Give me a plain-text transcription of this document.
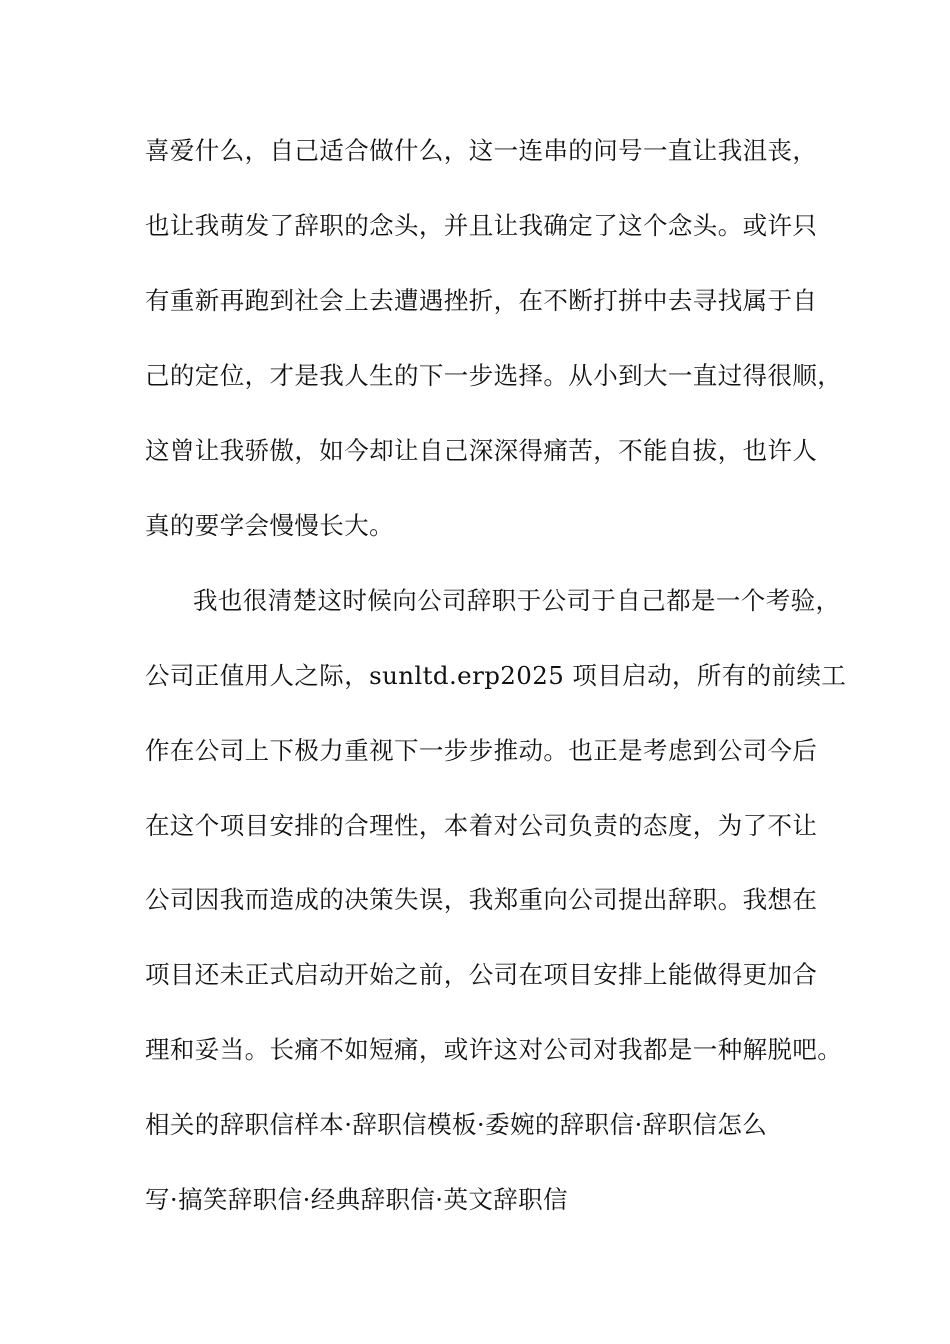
喜爱什么，自己适合做什么，这一连串的问号一直让我沮丧，
也让我萌发了辞职的念头，并且让我确定了这个念头。或许只
有重新再跑到社会上去遭遇挫折，在不断打拼中去寻找属于自
己的定位，才是我人生的下一步选择。从小到大一直过得很顺，
这曾让我骄傲，如今却让自己深深得痛苦，不能自拔，也许人
真的要学会慢慢长大。
我也很清楚这时候向公司辞职于公司于自己都是一个考验，
公司正值用人之际，sunltd.erp2025 项目启动，所有的前续工
作在公司上下极力重视下一步步推动。也正是考虑到公司今后
在这个项目安排的合理性，本着对公司负责的态度，为了不让
公司因我而造成的决策失误，我郑重向公司提出辞职。我想在
项目还未正式启动开始之前，公司在项目安排上能做得更加合
理和妥当。长痛不如短痛，或许这对公司对我都是一种解脱吧。
相关的辞职信样本·辞职信模板·委婉的辞职信·辞职信怎么
写·搞笑辞职信·经典辞职信·英文辞职信
